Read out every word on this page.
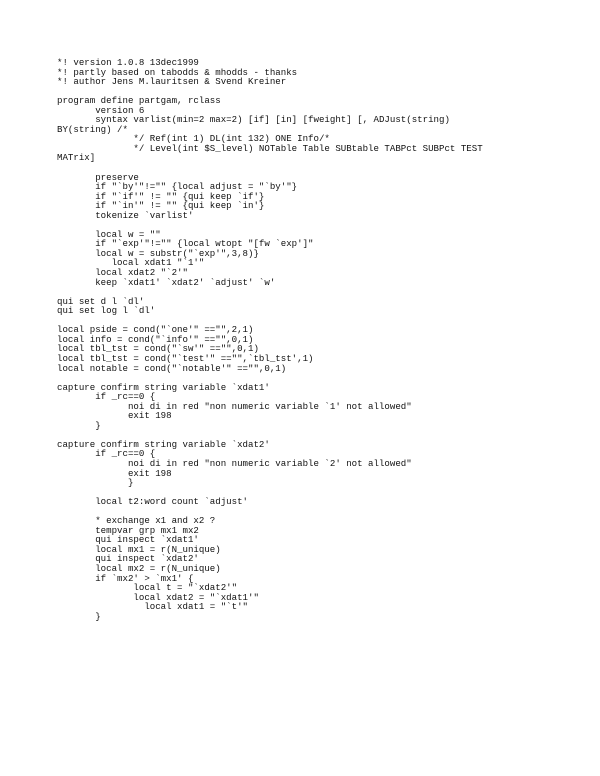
*! version 1.0.8 13dec1999
*! partly based on tabodds & mhodds - thanks
*! author Jens M.lauritsen & Svend Kreiner
program define partgam, rclass
version 6
syntax varlist(min=2 max=2) [if] [in] [fweight] [, ADJust(string)
BY(string) /*
*/ Ref(int 1) DL(int 132) ONE Info/*
*/ Level(int $S_level) NOTable Table SUBtable TABPct SUBPct TEST
MATrix]
preserve
if "`by'"!="" {local adjust = "`by'"}
if "`if'" != "" {qui keep `if'}
if "`in'" != "" {qui keep `in'}
tokenize `varlist'
local w = ""
if "`exp'"!="" {local wtopt "[fw `exp']"
local w = substr("`exp'",3,8)}
local xdat1 "`1'"
local xdat2 "`2'"
keep `xdat1' `xdat2' `adjust' `w'
qui set d l `dl'
qui set log l `dl'
local pside = cond("`one'" =="",2,1)
local info = cond("`info'" =="",0,1)
local tbl_tst = cond("`sw'" =="",0,1)
local tbl_tst = cond("`test'" =="",`tbl_tst',1)
local notable = cond("`notable'" =="",0,1)
capture confirm string variable `xdat1'
if _rc==0 {
noi di in red "non numeric variable `1' not allowed"
exit 198
}
capture confirm string variable `xdat2'
if _rc==0 {
noi di in red "non numeric variable `2' not allowed"
exit 198
}
local t2:word count `adjust'
* exchange x1 and x2 ?
tempvar grp mx1 mx2
qui inspect `xdat1'
local mx1 = r(N_unique)
qui inspect `xdat2'
local mx2 = r(N_unique)
if `mx2' > `mx1' {
local t = "`xdat2'"
local xdat2 = "`xdat1'"
local xdat1 = "`t'"
}
